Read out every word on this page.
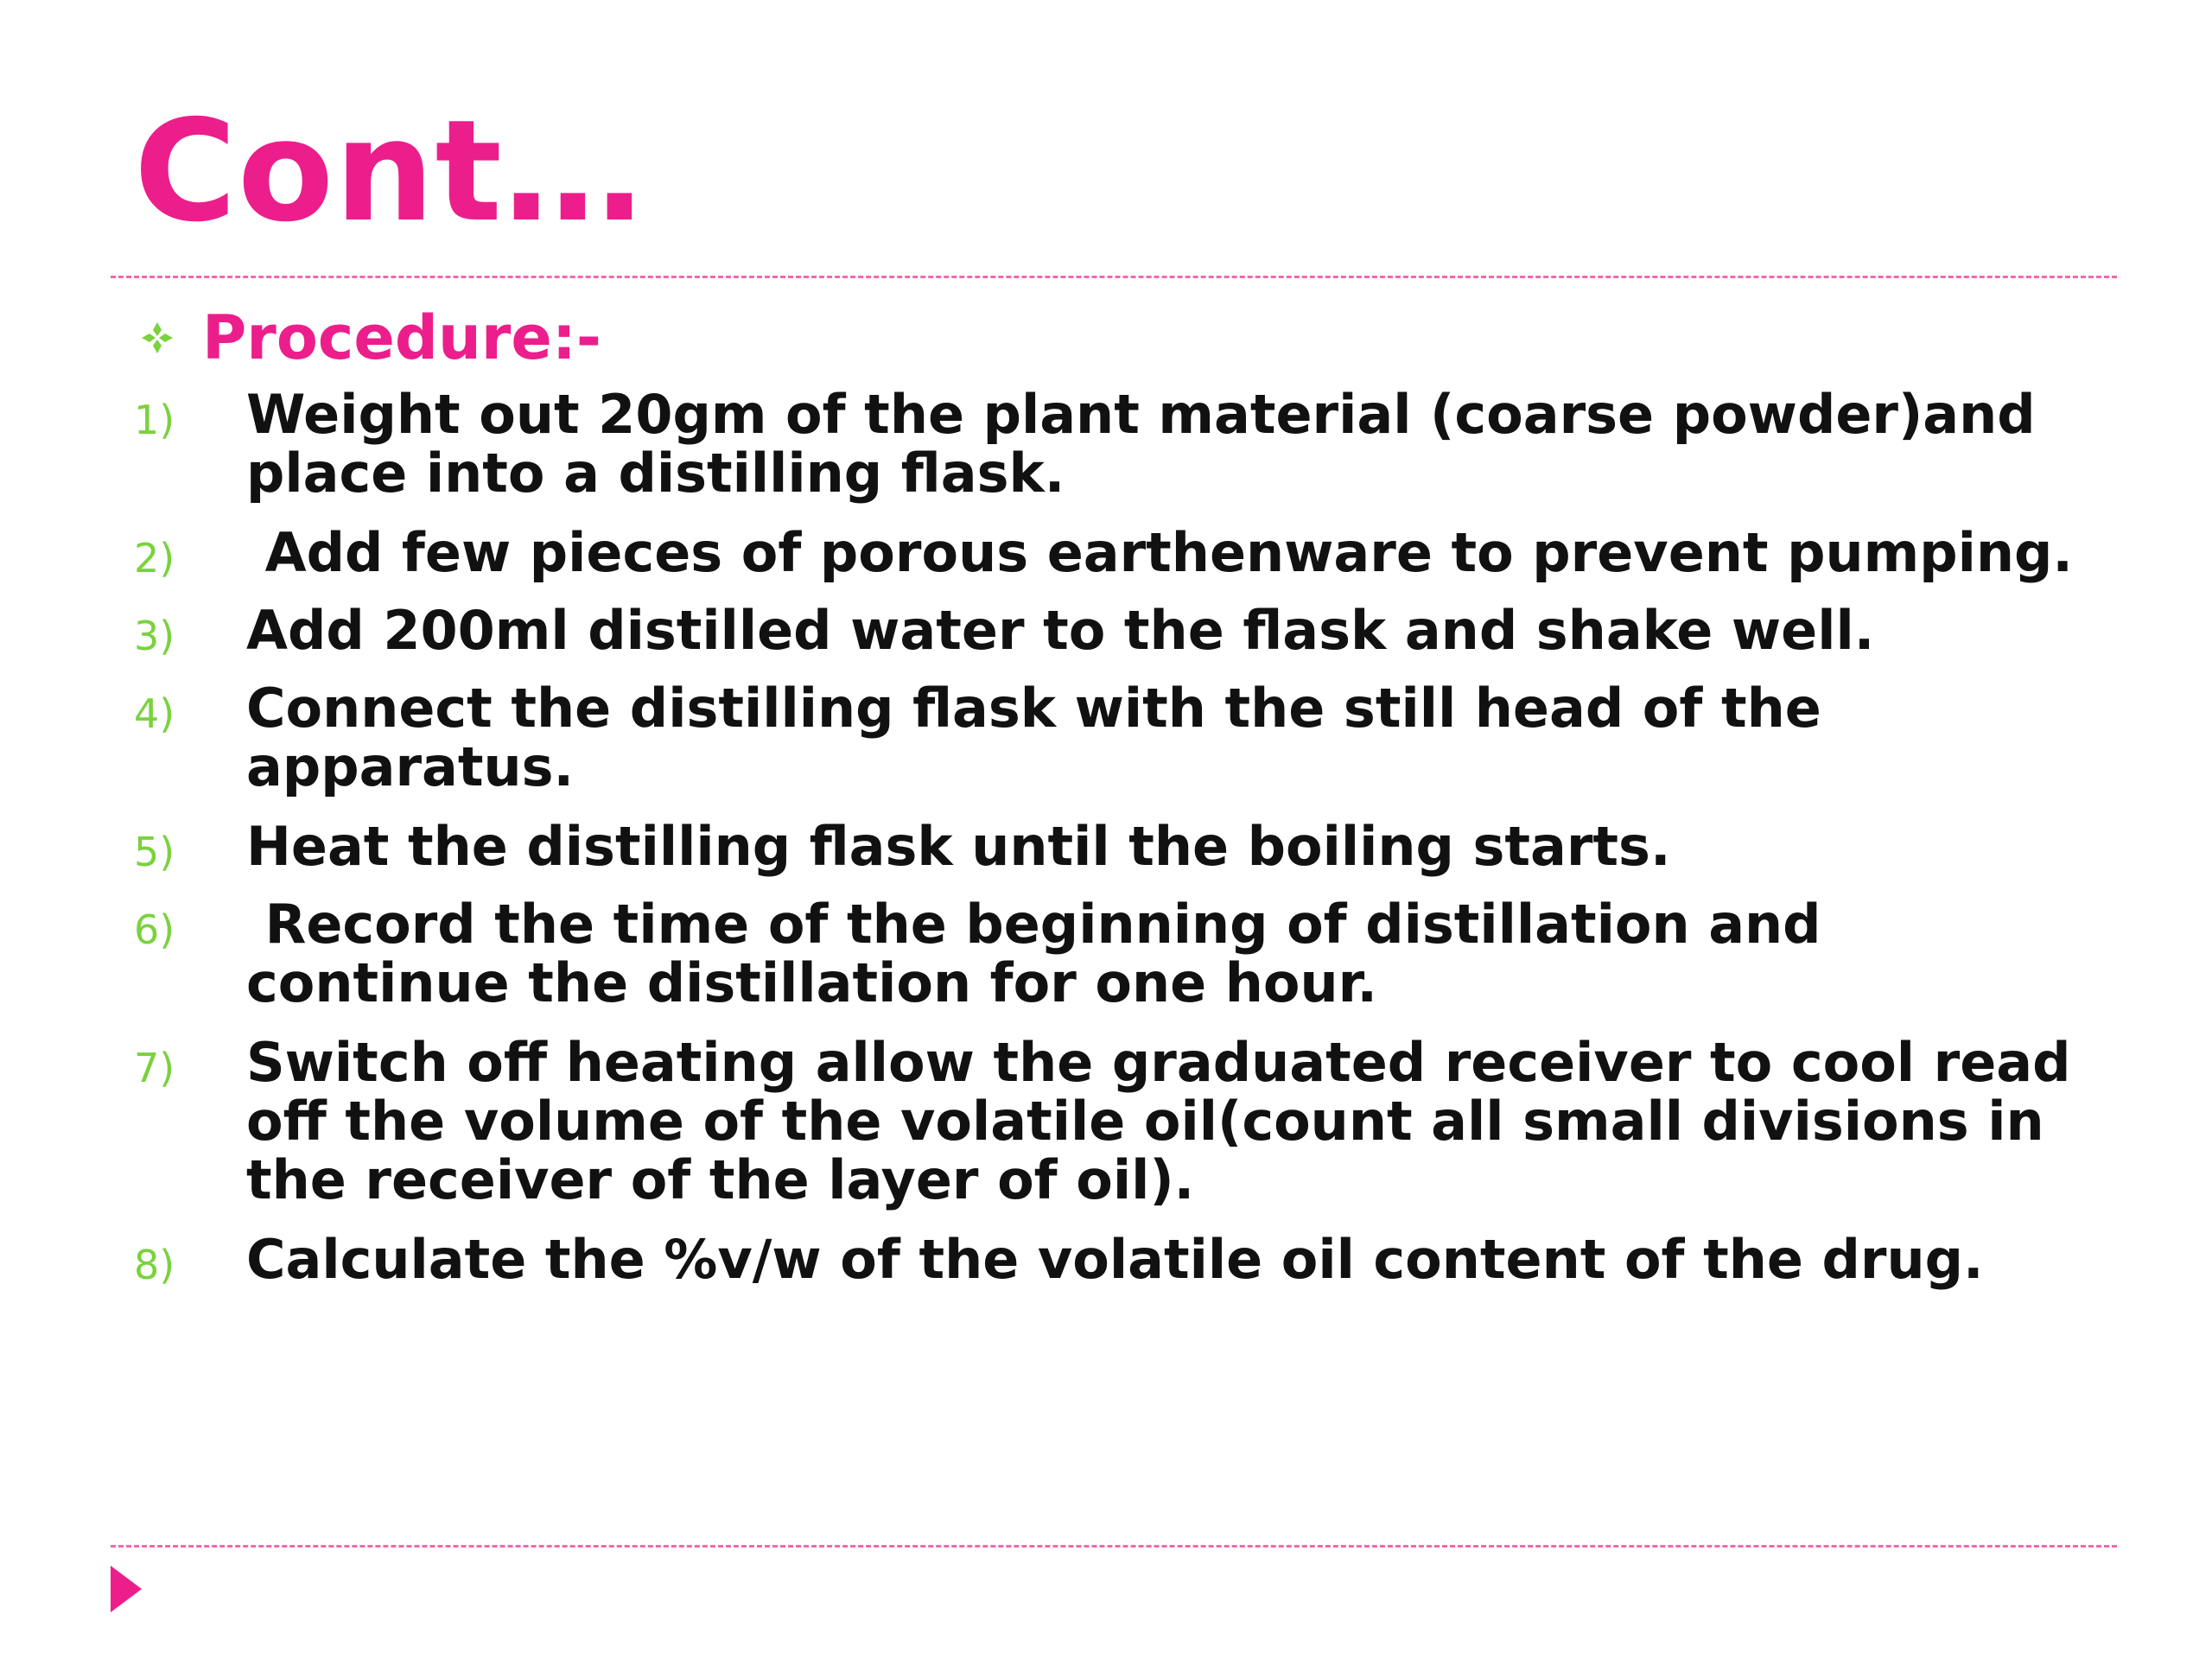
Cont…
Procedure:-
1)	Weight out 20gm of the plant material (coarse powder)and place into a distilling flask.
2)	Add few pieces of porous earthenware to prevent pumping.
3)	Add 200ml distilled water to the flask and shake well.
4)	Connect the distilling flask with the still head of the apparatus.
5)	Heat the distilling flask until the boiling starts.
6)	Record the time of the beginning of distillation and continue the distillation for one hour.
7)	Switch off heating allow the graduated receiver to cool read off the volume of the volatile oil(count all small divisions in the receiver of the layer of oil).
8)	Calculate the %v/w of the volatile oil content of the drug.
